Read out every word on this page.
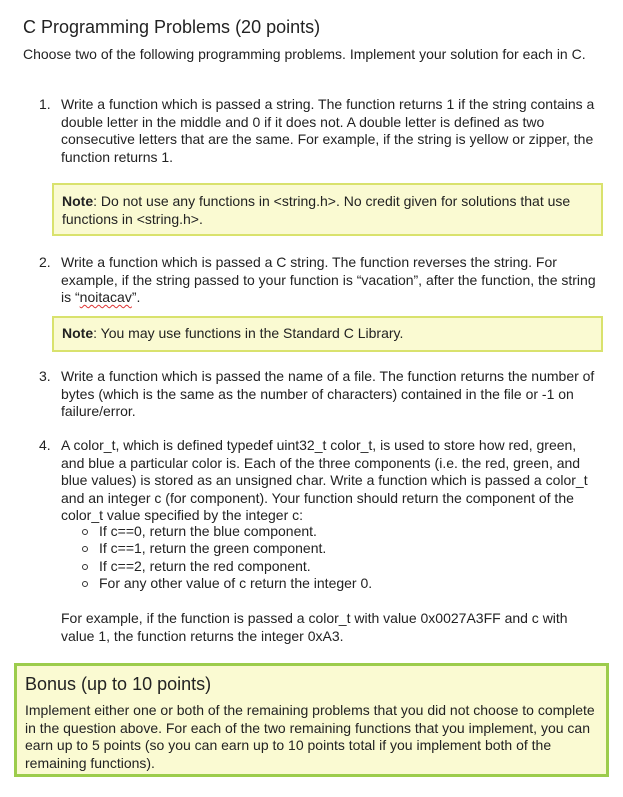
C Programming Problems (20 points)
Choose two of the following programming problems. Implement your solution for each in C.
1. Write a function which is passed a string. The function returns 1 if the string contains a double letter in the middle and 0 if it does not. A double letter is defined as two consecutive letters that are the same. For example, if the string is yellow or zipper, the function returns 1.
Note: Do not use any functions in <string.h>. No credit given for solutions that use functions in <string.h>.
2. Write a function which is passed a C string. The function reverses the string. For example, if the string passed to your function is “vacation”, after the function, the string is “noitacav”.
Note: You may use functions in the Standard C Library.
3. Write a function which is passed the name of a file. The function returns the number of bytes (which is the same as the number of characters) contained in the file or -1 on failure/error.
4. A color_t, which is defined typedef uint32_t color_t, is used to store how red, green, and blue a particular color is. Each of the three components (i.e. the red, green, and blue values) is stored as an unsigned char. Write a function which is passed a color_t and an integer c (for component). Your function should return the component of the color_t value specified by the integer c:
If c==0, return the blue component.
If c==1, return the green component.
If c==2, return the red component.
For any other value of c return the integer 0.
For example, if the function is passed a color_t with value 0x0027A3FF and c with value 1, the function returns the integer 0xA3.
Bonus (up to 10 points)
Implement either one or both of the remaining problems that you did not choose to complete in the question above. For each of the two remaining functions that you implement, you can earn up to 5 points (so you can earn up to 10 points total if you implement both of the remaining functions).
